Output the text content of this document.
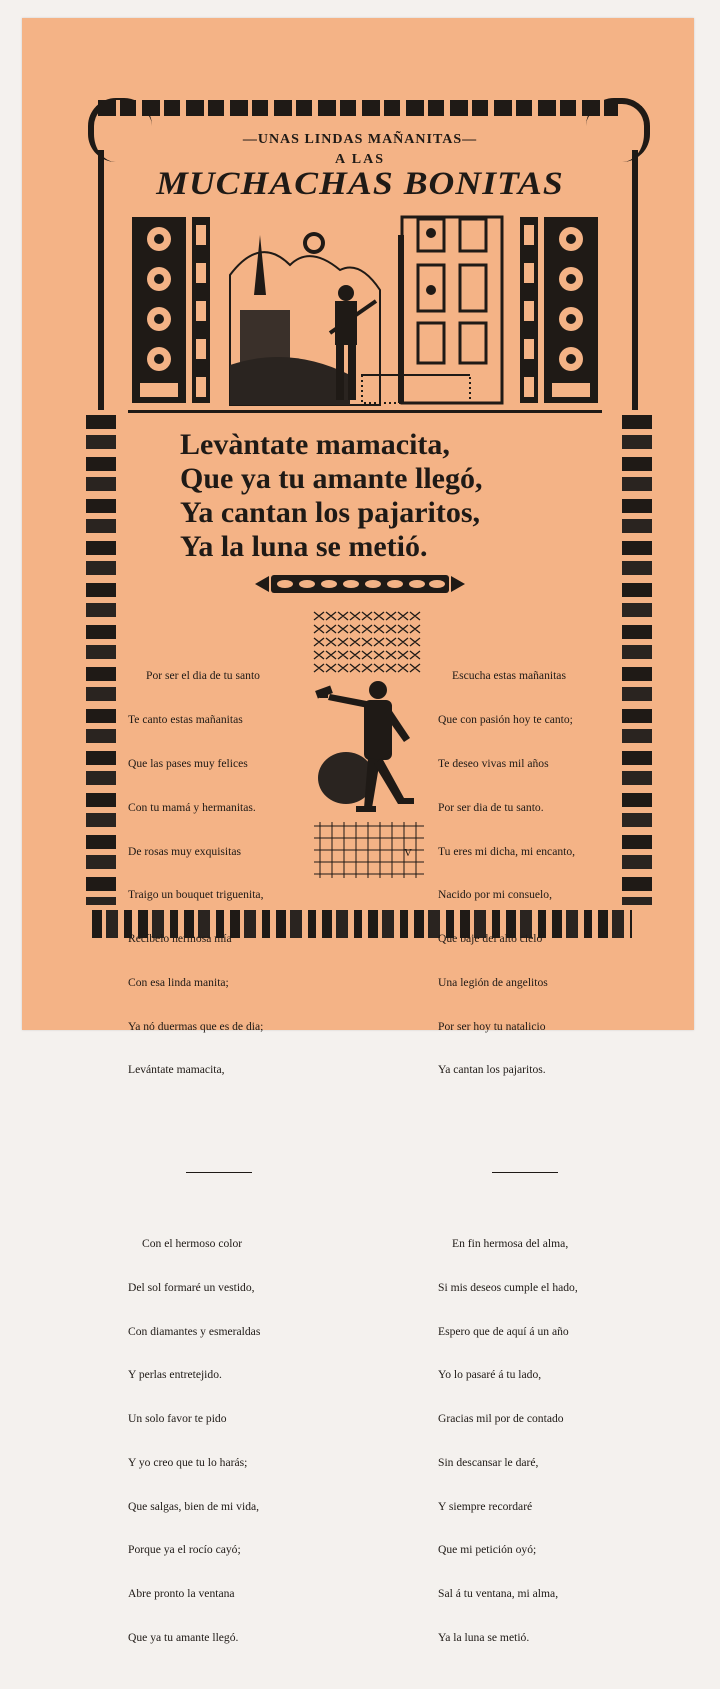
—UNAS LINDAS MAÑANITAS—
A LAS
MUCHACHAS BONITAS
Levàntate mamacita,
Que ya tu amante llegó,
Ya cantan los pajaritos,
Ya la luna se metió.

Por ser el dia de tu santo

Te canto estas mañanitas

Que las pases muy felices

Con tu mamá y hermanitas.

De rosas muy exquisitas

Traigo un bouquet triguenita,

Recíbelo hermosa mía

Con esa linda manita;

Ya nó duermas que es de dia;

Levántate mamacita,

Con el hermoso color

Del sol formaré un vestido,

Con diamantes y esmeraldas

Y perlas entretejido.

Un solo favor te pido

Y yo creo que tu lo harás;

Que salgas, bien de mi vida,

Porque ya el rocío cayó;

Abre pronto la ventana

Que ya tu amante llegó.

V

Escucha estas mañanitas

Que con pasión hoy te canto;

Te deseo vivas mil años

Por ser dia de tu santo.

Tu eres mi dicha, mi encanto,

Nacido por mi consuelo,

Que baje del alto cielo

Una legión de angelitos

Por ser hoy tu natalicio

Ya cantan los pajaritos.

En fin hermosa del alma,

Si mis deseos cumple el hado,

Espero que de aquí á un año

Yo lo pasaré á tu lado,

Gracias mil por de contado

Sin descansar le daré,

Y siempre recordaré

Que mi petición oyó;

Sal á tu ventana, mi alma,

Ya la luna se metió.
